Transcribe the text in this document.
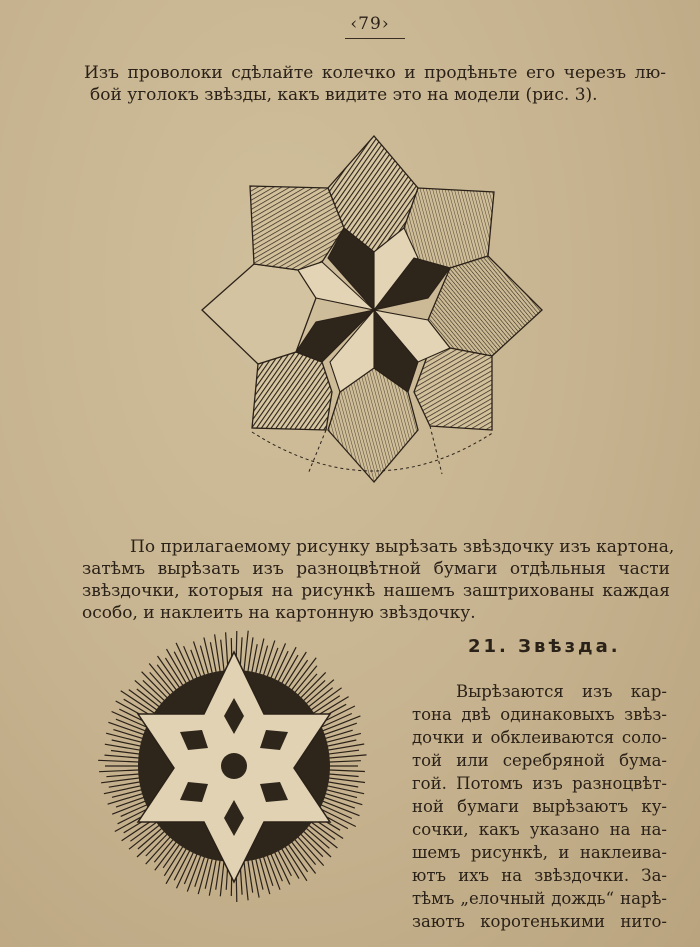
‹79›
Изъ проволоки сдѣлайте колечко и продѣньте его черезъ лю-
бой уголокъ звѣзды, какъ видите это на модели (рис. 3).
По прилагаемому рисунку вырѣзать звѣздочку изъ картона,
затѣмъ вырѣзать изъ разноцвѣтной бумаги отдѣльныя части
звѣздочки, которыя на рисункѣ нашемъ заштрихованы каждая
особо, и наклеить на картонную звѣздочку.
21. Звѣзда.
Вырѣзаются изъ кар-
тона двѣ одинаковыхъ звѣз-
дочки и обклеиваются соло-
той или серебряной бума-
гой. Потомъ изъ разноцвѣт-
ной бумаги вырѣзаютъ ку-
сочки, какъ указано на на-
шемъ рисункѣ, и наклеива-
ютъ ихъ на звѣздочки. За-
тѣмъ „елочный дождь“ нарѣ-
заютъ коротенькими нито-
